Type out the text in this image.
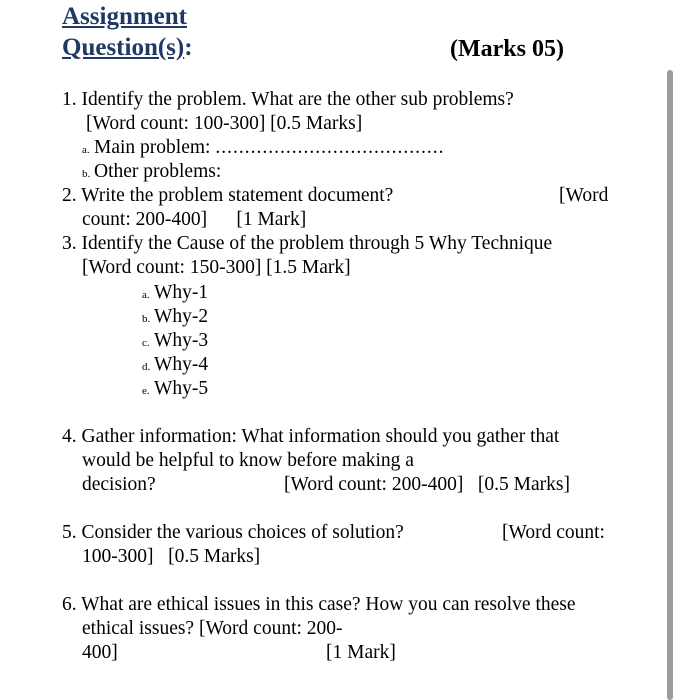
Assignment
Question(s):	(Marks 05)
1. Identify the problem. What are the other sub problems?
[Word count: 100-300] [0.5 Marks]
a. Main problem: .......................................
b. Other problems:
2. Write the problem statement document?	[Word
count: 200-400]      [1 Mark]
3. Identify the Cause of the problem through 5 Why Technique
[Word count: 150-300] [1.5 Mark]
a. Why-1
b. Why-2
c. Why-3
d. Why-4
e. Why-5
4. Gather information: What information should you gather that
would be helpful to know before making a
decision?	[Word count: 200-400]   [0.5 Marks]
5. Consider the various choices of solution?	[Word count:
100-300]   [0.5 Marks]
6. What are ethical issues in this case? How you can resolve these
ethical issues? [Word count: 200-
400]	[1 Mark]
